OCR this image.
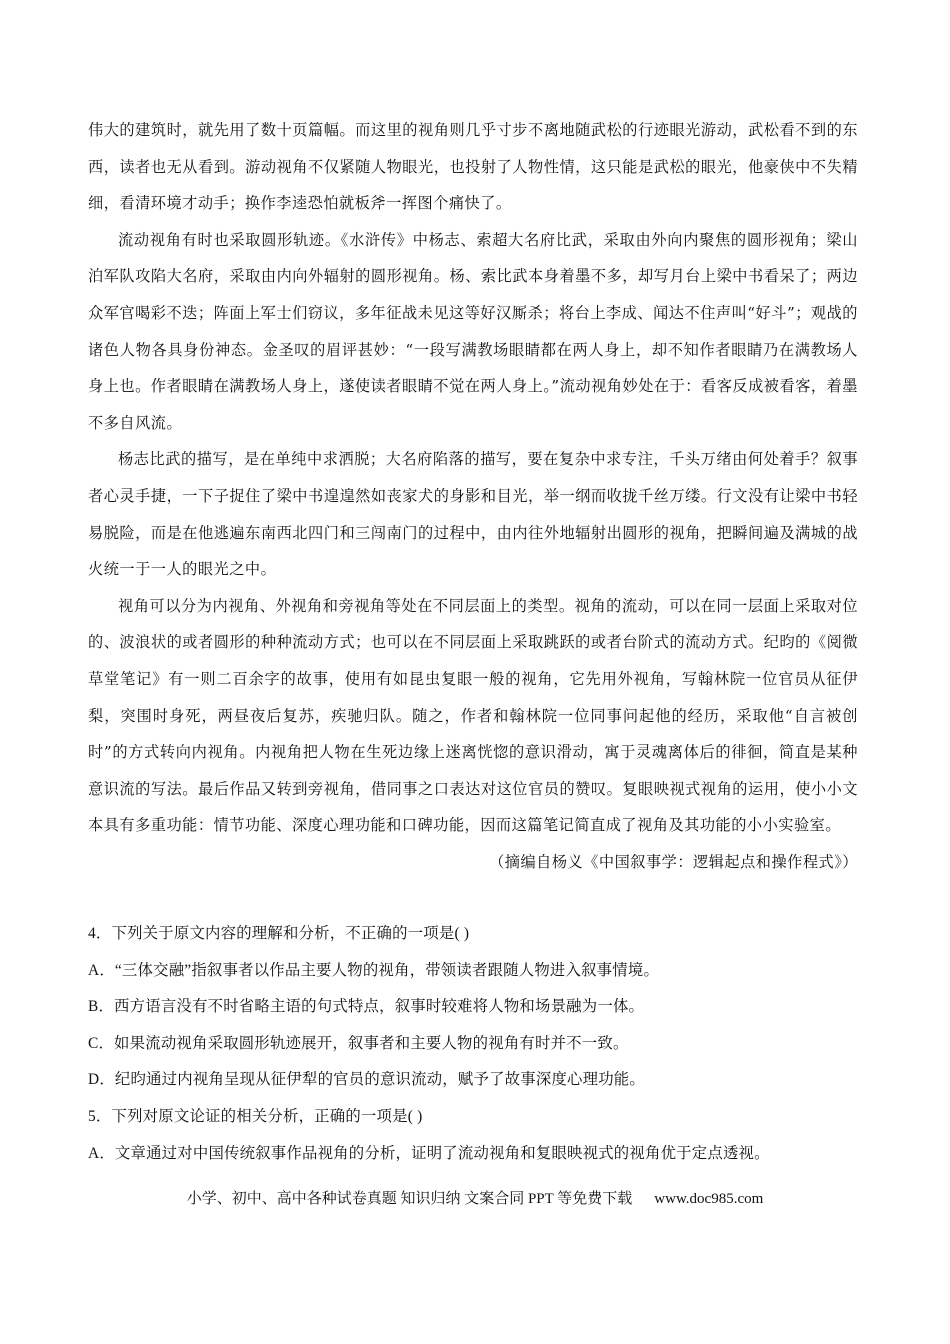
伟大的建筑时，就先用了数十页篇幅。而这里的视角则几乎寸步不离地随武松的行迹眼光游动，武松看不到的东西，读者也无从看到。游动视角不仅紧随人物眼光，也投射了人物性情，这只能是武松的眼光，他豪侠中不失精细，看清环境才动手；换作李逵恐怕就板斧一挥图个痛快了。

流动视角有时也采取圆形轨迹。《水浒传》中杨志、索超大名府比武，采取由外向内聚焦的圆形视角；梁山泊军队攻陷大名府，采取由内向外辐射的圆形视角。杨、索比武本身着墨不多，却写月台上梁中书看呆了；两边众军官喝彩不迭；阵面上军士们窃议，多年征战未见这等好汉厮杀；将台上李成、闻达不住声叫“好斗”；观战的诸色人物各具身份神态。金圣叹的眉评甚妙：“一段写满教场眼睛都在两人身上，却不知作者眼睛乃在满教场人身上也。作者眼睛在满教场人身上，遂使读者眼睛不觉在两人身上。”流动视角妙处在于：看客反成被看客，着墨不多自风流。

杨志比武的描写，是在单纯中求洒脱；大名府陷落的描写，要在复杂中求专注，千头万绪由何处着手？叙事者心灵手捷，一下子捉住了梁中书遑遑然如丧家犬的身影和目光，举一纲而收拢千丝万缕。行文没有让梁中书轻易脱险，而是在他逃遍东南西北四门和三闯南门的过程中，由内往外地辐射出圆形的视角，把瞬间遍及满城的战火统一于一人的眼光之中。

视角可以分为内视角、外视角和旁视角等处在不同层面上的类型。视角的流动，可以在同一层面上采取对位的、波浪状的或者圆形的种种流动方式；也可以在不同层面上采取跳跃的或者台阶式的流动方式。纪昀的《阅微草堂笔记》有一则二百余字的故事，使用有如昆虫复眼一般的视角，它先用外视角，写翰林院一位官员从征伊梨，突围时身死，两昼夜后复苏，疾驰归队。随之，作者和翰林院一位同事问起他的经历，采取他“自言被创时”的方式转向内视角。内视角把人物在生死边缘上迷离恍惚的意识滑动，寓于灵魂离体后的徘徊，简直是某种意识流的写法。最后作品又转到旁视角，借同事之口表达对这位官员的赞叹。复眼映视式视角的运用，使小小文本具有多重功能：情节功能、深度心理功能和口碑功能，因而这篇笔记简直成了视角及其功能的小小实验室。

（摘编自杨义《中国叙事学：逻辑起点和操作程式》）

4．下列关于原文内容的理解和分析，不正确的一项是( )

A．“三体交融”指叙事者以作品主要人物的视角，带领读者跟随人物进入叙事情境。

B．西方语言没有不时省略主语的句式特点，叙事时较难将人物和场景融为一体。

C．如果流动视角采取圆形轨迹展开，叙事者和主要人物的视角有时并不一致。

D．纪昀通过内视角呈现从征伊犁的官员的意识流动，赋予了故事深度心理功能。

5．下列对原文论证的相关分析，正确的一项是( )

A．文章通过对中国传统叙事作品视角的分析，证明了流动视角和复眼映视式的视角优于定点透视。

小学、初中、高中各种试卷真题 知识归纳 文案合同 PPT 等免费下载 www.doc985.com
